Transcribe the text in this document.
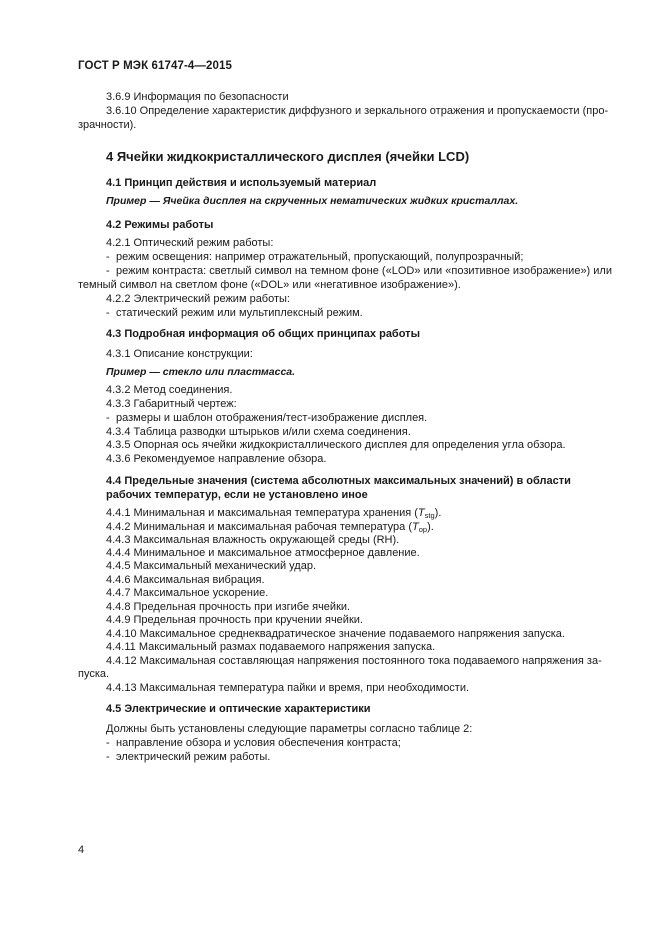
ГОСТ Р МЭК 61747-4—2015
3.6.9 Информация по безопасности
3.6.10 Определение характеристик диффузного и зеркального отражения и пропускаемости (про-
зрачности).
4 Ячейки жидкокристаллического дисплея (ячейки LCD)
4.1 Принцип действия и используемый материал
Пример — Ячейка дисплея на скрученных нематических жидких кристаллах.
4.2 Режимы работы
4.2.1 Оптический режим работы:
- режим освещения: например отражательный, пропускающий, полупрозрачный;
- режим контраста: светлый символ на темном фоне («LOD» или «позитивное изображение») или
темный символ на светлом фоне («DOL» или «негативное изображение»).
4.2.2 Электрический режим работы:
- статический режим или мультиплексный режим.
4.3 Подробная информация об общих принципах работы
4.3.1 Описание конструкции:
Пример — стекло или пластмасса.
4.3.2 Метод соединения.
4.3.3 Габаритный чертеж:
- размеры и шаблон отображения/тест-изображение дисплея.
4.3.4 Таблица разводки штырьков и/или схема соединения.
4.3.5 Опорная ось ячейки жидкокристаллического дисплея для определения угла обзора.
4.3.6 Рекомендуемое направление обзора.
4.4 Предельные значения (система абсолютных максимальных значений) в области
рабочих температур, если не установлено иное
4.4.1 Минимальная и максимальная температура хранения $(T_{stg})$.
4.4.2 Минимальная и максимальная рабочая температура $(T_{op})$.
4.4.3 Максимальная влажность окружающей среды (RH).
4.4.4 Минимальное и максимальное атмосферное давление.
4.4.5 Максимальный механический удар.
4.4.6 Максимальная вибрация.
4.4.7 Максимальное ускорение.
4.4.8 Предельная прочность при изгибе ячейки.
4.4.9 Предельная прочность при кручении ячейки.
4.4.10 Максимальное среднеквадратическое значение подаваемого напряжения запуска.
4.4.11 Максимальный размах подаваемого напряжения запуска.
4.4.12 Максимальная составляющая напряжения постоянного тока подаваемого напряжения за-
пуска.
4.4.13 Максимальная температура пайки и время, при необходимости.
4.5 Электрические и оптические характеристики
Должны быть установлены следующие параметры согласно таблице 2:
- направление обзора и условия обеспечения контраста;
- электрический режим работы.
4
